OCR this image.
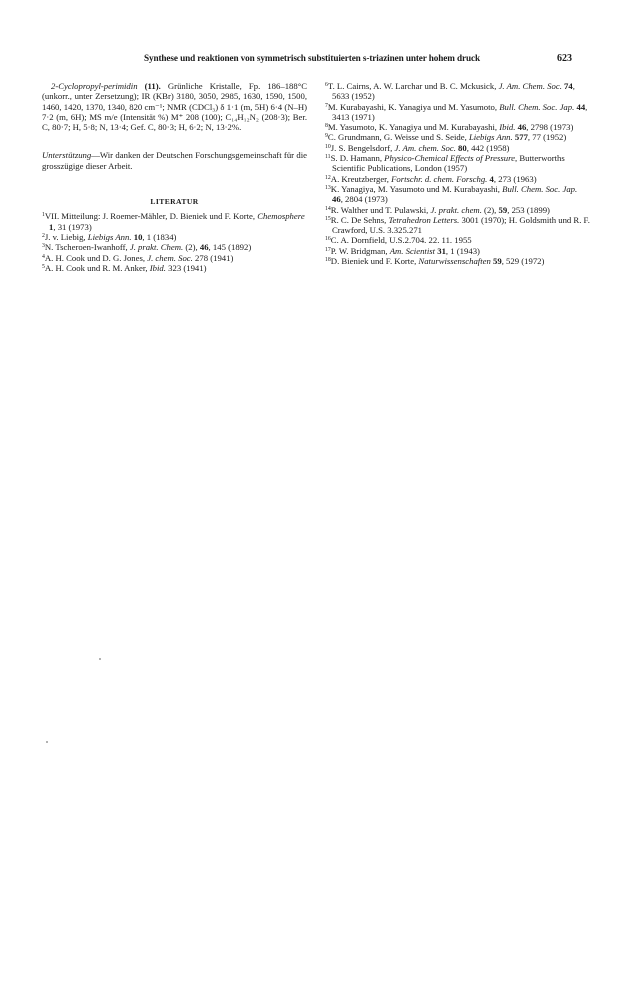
Synthese und reaktionen von symmetrisch substituierten s-triazinen unter hohem druck	623

2-Cyclopropyl-perimidin (11). Grünliche Kristalle, Fp. 186–188°C (unkorr., unter Zersetzung); IR (KBr) 3180, 3050, 2985, 1630, 1590, 1500, 1460, 1420, 1370, 1340, 820 cm⁻¹; NMR (CDCl₃) δ 1·1 (m, 5H) 6·4 (N–H) 7·2 (m, 6H); MS m/e (Intensität %) M⁺ 208 (100); C₁₄H₁₂N₂ (208·3); Ber. C, 80·7; H, 5·8; N, 13·4; Gef. C, 80·3; H, 6·2; N, 13·2%.

Unterstützung—Wir danken der Deutschen Forschungsgemeinschaft für die grosszügige dieser Arbeit.

LITERATUR

$^1$VII. Mitteilung: J. Roemer-Mähler, D. Bieniek und F. Korte, Chemosphere 1, 31 (1973)

$^2$J. v. Liebig, Liebigs Ann. 10, 1 (1834)

$^3$N. Tscheroen-Iwanhoff, J. prakt. Chem. (2), 46, 145 (1892)

$^4$A. H. Cook und D. G. Jones, J. chem. Soc. 278 (1941)

$^5$A. H. Cook und R. M. Anker, Ibid. 323 (1941)

$^6$T. L. Cairns, A. W. Larchar und B. C. Mckusick, J. Am. Chem. Soc. 74, 5633 (1952)

$^7$M. Kurabayashi, K. Yanagiya und M. Yasumoto, Bull. Chem. Soc. Jap. 44, 3413 (1971)

$^8$M. Yasumoto, K. Yanagiya und M. Kurabayashi, Ibid. 46, 2798 (1973)

$^9$C. Grundmann, G. Weisse und S. Seide, Liebigs Ann. 577, 77 (1952)

$^{10}$J. S. Bengelsdorf, J. Am. chem. Soc. 80, 442 (1958)

$^{11}$S. D. Hamann, Physico-Chemical Effects of Pressure, Butterworths Scientific Publications, London (1957)

$^{12}$A. Kreutzberger, Fortschr. d. chem. Forschg. 4, 273 (1963)

$^{13}$K. Yanagiya, M. Yasumoto und M. Kurabayashi, Bull. Chem. Soc. Jap. 46, 2804 (1973)

$^{14}$R. Walther und T. Pulawski, J. prakt. chem. (2), 59, 253 (1899)

$^{15}$R. C. De Sehns, Tetrahedron Letters. 3001 (1970); H. Goldsmith und R. F. Crawford, U.S. 3.325.271

$^{16}$C. A. Dornfield, U.S.2.704. 22. 11. 1955

$^{17}$P. W. Bridgman, Am. Scientist 31, 1 (1943)

$^{18}$D. Bieniek und F. Korte, Naturwissenschaften 59, 529 (1972)
